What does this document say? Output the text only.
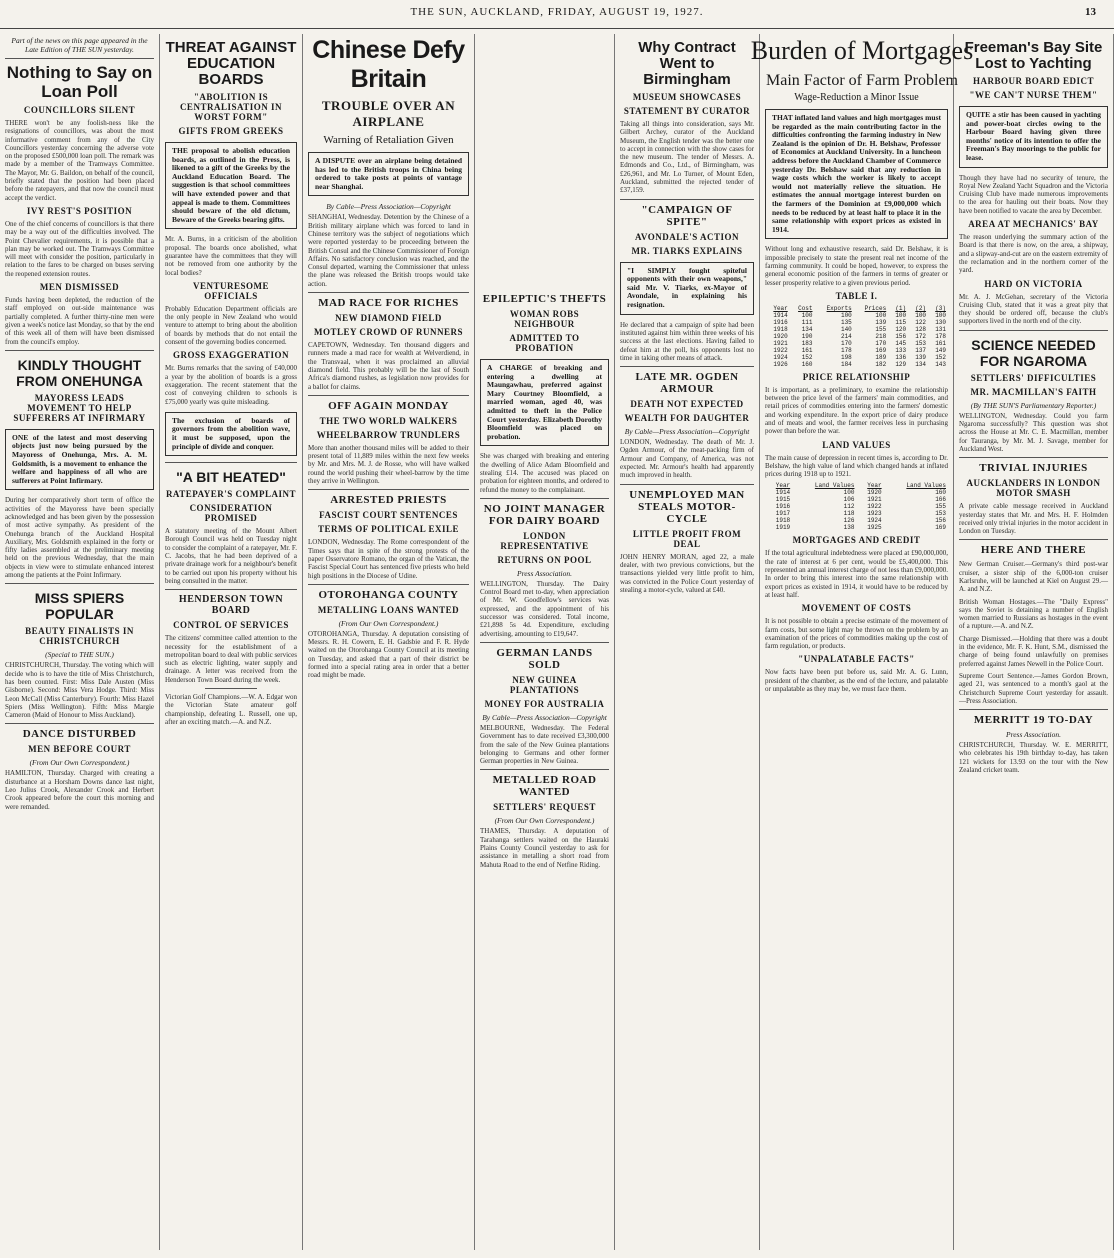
THE SUN, AUCKLAND, FRIDAY, AUGUST 19, 1927.	13

Part of the news on this page appeared in the Late Edition of THE SUN yesterday.

Nothing to Say on Loan Poll
COUNCILLORS SILENT

THERE won't be any foolish-ness like the resignations of councillors, was about the most informative comment from any of the City Councillors yesterday concerning the adverse vote on the proposed £500,000 loan poll. The remark was made by a member of the Tramways Committee. The Mayor, Mr. G. Baildon, on behalf of the council, briefly stated that the position had been placed before the ratepayers, and that now the council must accept the verdict.

IVY REST'S POSITION

One of the chief concerns of councillors is that there may be a way out of the difficulties involved. The Point Chevalier requirements, it is possible that a plan may be worked out. The Tramways Committee will meet with consider the position, particularly in relation to the fares to be charged on buses serving the reopened extension routes.

MEN DISMISSED

Funds having been depleted, the reduction of the staff employed on out-side maintenance was partially completed. A further thirty-nine men were given a week's notice last Monday, so that by the end of this week all of them will have been dismissed from the council's employ.

KINDLY THOUGHT FROM ONEHUNGA
MAYORESS LEADS MOVEMENT TO HELP SUFFERERS AT INFIRMARY
ONE of the latest and most deserving objects just now being pursued by the Mayoress of Onehunga, Mrs. A. M. Goldsmith, is a movement to enhance the welfare and happiness of all who are sufferers at Point Infirmary.

During her comparatively short term of office the activities of the Mayoress have been specially acknowledged and has been given by the possession of most active sympathy. As president of the Onehunga branch of the Auckland Hospital Auxiliary, Mrs. Goldsmith explained in the forty or fifty ladies assembled at the preliminary meeting held on the previous Wednesday, that the main objects in view were to stimulate enhanced interest among the patients at the Point Infirmary.

MISS SPIERS POPULAR
BEAUTY FINALISTS IN CHRISTCHURCH

(Special to THE SUN.)

CHRISTCHURCH, Thursday. The voting which will decide who is to have the title of Miss Christchurch, has been counted. First: Miss Dale Austen (Miss Gisborne). Second: Miss Vera Hodge. Third: Miss Leon McCall (Miss Canterbury). Fourth: Miss Hazel Spiers (Miss Wellington). Fifth: Miss Margie Cameron (Maid of Honour to Miss Auckland).

DANCE DISTURBED
MEN BEFORE COURT

(From Our Own Correspondent.)

HAMILTON, Thursday. Charged with creating a disturbance at a Horsham Downs dance last night, Leo Julius Crook, Alexander Crook and Herbert Crook appeared before the court this morning and were remanded.

THREAT AGAINST EDUCATION BOARDS
"ABOLITION IS CENTRALISATION IN WORST FORM"
GIFTS FROM GREEKS
THE proposal to abolish education boards, as outlined in the Press, is likened to a gift of the Greeks by the Auckland Education Board. The suggestion is that school committees will have extended power and that appeal is made to them. Committees should beware of the old dictum, Beware of the Greeks bearing gifts.

Mr. A. Burns, in a criticism of the abolition proposal. The boards once abolished, what guarantee have the committees that they will not be removed from one authority by the local bodies?

VENTURESOME OFFICIALS

Probably Education Department officials are the only people in New Zealand who would venture to attempt to bring about the abolition of boards by methods that do not entail the consent of the governing bodies concerned.

GROSS EXAGGERATION

Mr. Burns remarks that the saving of £40,000 a year by the abolition of boards is a gross exaggeration. The recent statement that the cost of conveying children to schools is £75,000 yearly was quite misleading.

The exclusion of boards of governors from the abolition wave, it must be supposed, upon the principle of divide and conquer.
"A BIT HEATED"
RATEPAYER'S COMPLAINT
CONSIDERATION PROMISED

A statutory meeting of the Mount Albert Borough Council was held on Tuesday night to consider the complaint of a ratepayer, Mr. F. C. Jacobs, that he had been deprived of a private drainage work for a neighbour's benefit to be carried out upon his property without his being consulted in the matter.

HENDERSON TOWN BOARD
CONTROL OF SERVICES

The citizens' committee called attention to the necessity for the establishment of a metropolitan board to deal with public services such as electric lighting, water supply and drainage. A letter was received from the Henderson Town Board during the week.

Victorian Golf Champions.—W. A. Edgar won the Victorian State amateur golf championship, defeating L. Russell, one up, after an exciting match.—A. and N.Z.

Chinese Defy Britain
TROUBLE OVER AN AIRPLANE
Warning of Retaliation Given
A DISPUTE over an airplane being detained has led to the British troops in China being ordered to take posts at points of vantage near Shanghai.

By Cable—Press Association—Copyright

SHANGHAI, Wednesday. Detention by the Chinese of a British military airplane which was forced to land in Chinese territory was the subject of negotiations which were reported yesterday to be proceeding between the British Consul and the Chinese Commissioner of Foreign Affairs. No satisfactory conclusion was reached, and the Consul departed, warning the Commissioner that unless the plane was released the British troops would take action.

MAD RACE FOR RICHES
NEW DIAMOND FIELD
MOTLEY CROWD OF RUNNERS

CAPETOWN, Wednesday. Ten thousand diggers and runners made a mad race for wealth at Welverdiend, in the Transvaal, when it was proclaimed an alluvial diamond field. This probably will be the last of South Africa's diamond rushes, as legislation now provides for a ballot for claims.

OFF AGAIN MONDAY
THE TWO WORLD WALKERS
WHEELBARROW TRUNDLERS

More than another thousand miles will be added to their present total of 11,889 miles within the next few weeks by Mr. and Mrs. M. J. de Rosse, who will have walked round the world pushing their wheel-barrow by the time they arrive in Wellington.

ARRESTED PRIESTS
FASCIST COURT SENTENCES
TERMS OF POLITICAL EXILE

LONDON, Wednesday. The Rome correspondent of the Times says that in spite of the strong protests of the paper Osservatore Romano, the organ of the Vatican, the Fascist Special Court has sentenced five priests who held high positions in the Diocese of Udine.

OTOROHANGA COUNTY
METALLING LOANS WANTED

(From Our Own Correspondent.)

OTOROHANGA, Thursday. A deputation consisting of Messrs. R. H. Cowern, E. H. Gadsbie and F. R. Hyde waited on the Otorohanga County Council at its meeting on Tuesday, and asked that a part of their district be formed into a special rating area in order that a better road might be made.

EPILEPTIC'S THEFTS
WOMAN ROBS NEIGHBOUR
ADMITTED TO PROBATION
A CHARGE of breaking and entering a dwelling at Maungawhau, preferred against Mary Courtney Bloomfield, a married woman, aged 40, was admitted to theft in the Police Court yesterday. Elizabeth Dorothy Bloomfield was placed on probation.

She was charged with breaking and entering the dwelling of Alice Adam Bloomfield and stealing £14. The accused was placed on probation for eighteen months, and ordered to refund the money to the complainant.

NO JOINT MANAGER FOR DAIRY BOARD
LONDON REPRESENTATIVE
RETURNS ON POOL

Press Association.

WELLINGTON, Thursday. The Dairy Control Board met to-day, when appreciation of Mr. W. Goodfellow's services was expressed, and the appointment of his successor was considered. Total income, £21,898 5s 4d. Expenditure, excluding advertising, amounting to £19,647.

GERMAN LANDS SOLD
NEW GUINEA PLANTATIONS
MONEY FOR AUSTRALIA

By Cable—Press Association—Copyright

MELBOURNE, Wednesday. The Federal Government has to date received £3,300,000 from the sale of the New Guinea plantations belonging to Germans and other former German properties in New Guinea.

METALLED ROAD WANTED
SETTLERS' REQUEST

(From Our Own Correspondent.)

THAMES, Thursday. A deputation of Tarahanga settlers waited on the Hauraki Plains County Council yesterday to ask for assistance in metalling a short road from Mahuta Road to the end of Netfine Riding.

Why Contract Went to Birmingham
MUSEUM SHOWCASES
STATEMENT BY CURATOR

Taking all things into consideration, says Mr. Gilbert Archey, curator of the Auckland Museum, the English tender was the better one to accept in connection with the show cases for the new museum. The tender of Messrs. A. Edmonds and Co., Ltd., of Birmingham, was £26,961, and Mr. Lo Turner, of Mount Eden, Auckland, submitted the rejected tender of £37,159.

"CAMPAIGN OF SPITE"
AVONDALE'S ACTION
MR. TIARKS EXPLAINS
"I SIMPLY fought spiteful opponents with their own weapons," said Mr. V. Tiarks, ex-Mayor of Avondale, in explaining his resignation.

He declared that a campaign of spite had been instituted against him within three weeks of his success at the last elections. Having failed to defeat him at the poll, his opponents lost no time in taking other means of attack.

LATE MR. OGDEN ARMOUR
DEATH NOT EXPECTED
WEALTH FOR DAUGHTER

By Cable—Press Association—Copyright

LONDON, Wednesday. The death of Mr. J. Ogden Armour, of the meat-packing firm of Armour and Company, of America, was not expected. Mr. Armour's health had apparently much improved in health.

UNEMPLOYED MAN STEALS MOTOR-CYCLE
LITTLE PROFIT FROM DEAL

JOHN HENRY MORAN, aged 22, a male dealer, with two previous convictions, but the transactions yielded very little profit to him, was convicted in the Police Court yesterday of stealing a motor-cycle, valued at £40.

Burden of Mortgages
Main Factor of Farm Problem
Wage-Reduction a Minor Issue
THAT inflated land values and high mortgages must be regarded as the main contributing factor in the difficulties confronting the farming industry in New Zealand is the opinion of Dr. H. Belshaw, Professor of Economics at Auckland University. In a luncheon address before the Auckland Chamber of Commerce yesterday Dr. Belshaw said that any reduction in wage costs which the worker is likely to accept would not materially relieve the situation. He estimates the annual mortgage interest burden on the farmers of the Dominion at £9,000,000 which needs to be reduced by at least half to place it in the same relationship with export prices as existed in 1914.

Without long and exhaustive research, said Dr. Belshaw, it is impossible precisely to state the present real net income of the farming community. It could be hoped, however, to express the general economic position of the farmers in terms of greater or lesser prosperity relative to a given previous period.

TABLE I.
Year	Cost	Exports	Prices	(1)	(2)	(3)
1914	100	100	100	100	100	100
1916	111	135	139	115	122	130
1918	134	140	155	120	128	131
1920	190	214	218	156	172	178
1921	183	170	170	145	153	161
1922	161	178	169	133	137	149
1924	152	198	189	136	139	152
1926	160	184	182	129	134	143
PRICE RELATIONSHIP

It is important, as a preliminary, to examine the relationship between the price level of the farmers' main commodities, and retail prices of commodities entering into the farmers' domestic and working expenditure. In the export price of dairy produce and of meats and wool, the farmer receives less in purchasing power than before the war.

LAND VALUES

The main cause of depression in recent times is, according to Dr. Belshaw, the high value of land which changed hands at inflated prices during 1918 up to 1921.

Year	Land Values	Year	Land Values
1914	100	1920	160
1915	106	1921	166
1916	112	1922	155
1917	118	1923	153
1918	126	1924	156
1919	138	1925	169
MORTGAGES AND CREDIT

If the total agricultural indebtedness were placed at £90,000,000, the rate of interest at 6 per cent, would be £5,400,000. This represented an annual interest charge of not less than £9,000,000. In order to bring this interest into the same relationship with export prices as existed in 1914, it would have to be reduced by at least half.

MOVEMENT OF COSTS

It is not possible to obtain a precise estimate of the movement of farm costs, but some light may be thrown on the problem by an examination of the prices of commodities making up the cost of farm regulation, or products.

"UNPALATABLE FACTS"

Now facts have been put before us, said Mr. A. G. Lunn, president of the chamber, as the end of the lecture, and palatable or unpalatable as they may be, we must face them.

Freeman's Bay Site Lost to Yachting
HARBOUR BOARD EDICT
"WE CAN'T NURSE THEM"
QUITE a stir has been caused in yachting and power-boat circles owing to the Harbour Board having given three months' notice of its intention to offer the Freeman's Bay moorings to the public for lease.

Though they have had no security of tenure, the Royal New Zealand Yacht Squadron and the Victoria Cruising Club have made numerous improvements to the area for hauling out their boats. Now they have been notified to vacate the area by December.

AREA AT MECHANICS' BAY

The reason underlying the summary action of the Board is that there is now, on the area, a shipway, and a slipway-and-cut are on the eastern extremity of the reclamation and in the northern corner of the yard.

HARD ON VICTORIA

Mr. A. J. McGehan, secretary of the Victoria Cruising Club, stated that it was a great pity that they should be ordered off, because the club's supporters lived in the north end of the city.

SCIENCE NEEDED FOR NGAROMA
SETTLERS' DIFFICULTIES
MR. MACMILLAN'S FAITH

(By THE SUN'S Parliamentary Reporter.)

WELLINGTON, Wednesday. Could you farm Ngaroma successfully? This question was shot across the House at Mr. C. E. Macmillan, member for Tauranga, by Mr. M. J. Savage, member for Auckland West.

TRIVIAL INJURIES
AUCKLANDERS IN LONDON MOTOR SMASH

A private cable message received in Auckland yesterday states that Mr. and Mrs. H. F. Holmden received only trivial injuries in the motor accident in London on Tuesday.

HERE AND THERE

New German Cruiser.—Germany's third post-war cruiser, a sister ship of the 6,000-ton cruiser Karlsruhe, will be launched at Kiel on August 29.—A. and N.Z.

British Woman Hostages.—The "Daily Express" says the Soviet is detaining a number of English women married to Russians as hostages in the event of a rupture.—A. and N.Z.

Charge Dismissed.—Holding that there was a doubt in the evidence, Mr. F. K. Hunt, S.M., dismissed the charge of being found unlawfully on premises preferred against James Newell in the Police Court.

Supreme Court Sentence.—James Gordon Brown, aged 21, was sentenced to a month's gaol at the Christchurch Supreme Court yesterday for assault. —Press Association.

MERRITT 19 TO-DAY

Press Association.

CHRISTCHURCH, Thursday. W. E. MERRITT, who celebrates his 19th birthday to-day, has taken 121 wickets for 13.93 on the tour with the New Zealand cricket team.
